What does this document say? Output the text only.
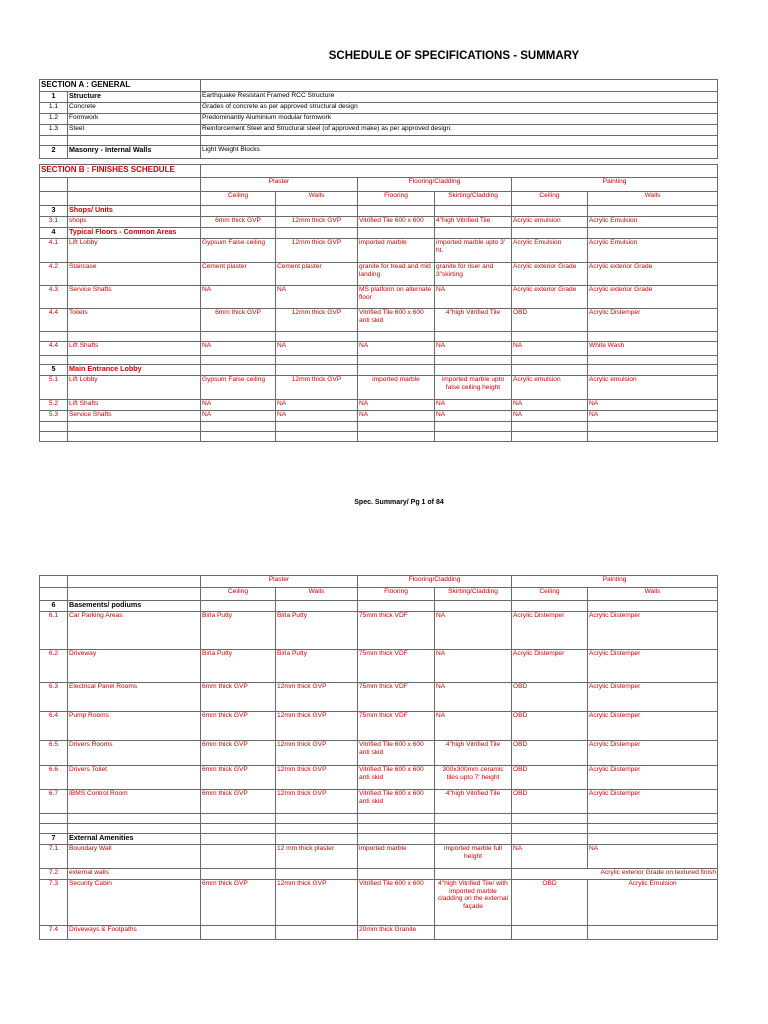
SCHEDULE OF SPECIFICATIONS - SUMMARY
SECTION A : GENERAL							
1	Structure	Earthquake Resistant Framed RCC Structure					
1.1	Concrete	Grades of concrete as per approved structural design					
1.2	Formwork	Predominantly Aluminium modular formwork					
1.3	Steel	Reinforcement Steel and Structural steel (of approved make) as per approved design.					

2	Masonry - Internal Walls	Light Weight Blocks					

SECTION B : FINISHES SCHEDULE							
		Plaster		Flooring/Cladding		Painting	
		Ceiling	Walls	Flooring	Skirting/Cladding	Ceiling	Walls
3	Shops/ Units						
3.1	shops	6mm thick GVP	12mm thick GVP	Vitrified Tile 600 x 600	4"high Vitrified Tile	Acrylic emulsion	Acrylic Emulsion
4	Typical Floors - Common Areas						
4.1	Lift Lobby	Gypsum False ceiling	12mm thick GVP	imported marble	imported marble upto 3' ht.	Acrylic Emulsion	Acrylic Emulsion
4.2	Staircase	Cement plaster	Cement plaster	granite for tread and mid landing	granite for riser and 3"skirting	Acrylic exterior Grade	Acrylic exterior Grade
4.3	Service Shafts	NA	NA	MS platform on alternate floor	NA	Acrylic exterior Grade	Acrylic exterior Grade
4.4	Toilets	6mm thick GVP	12mm thick GVP	Vitrified Tile 600 x 600 anti skid	4"high Vitrified Tile	OBD	Acrylic Distemper

4.4	Lift Shafts	NA	NA	NA	NA	NA	White Wash

5	Main Entrance Lobby						
5.1	Lift Lobby	Gypsum False ceiling	12mm thick GVP	imported marble	imported marble upto false ceiling height	Acrylic emulsion	Acrylic emulsion
5.2	Lift Shafts	NA	NA	NA	NA	NA	NA
5.3	Service Shafts	NA	NA	NA	NA	NA	NA

Spec. Summary/ Pg 1 of 84
		Plaster		Flooring/Cladding		Painting	
		Ceiling	Walls	Flooring	Skirting/Cladding	Ceiling	Walls
6	Basements/ podiums						
6.1	Car Parking Areas	Birla Putty	Birla Putty	75mm thick VDF	NA	Acrylic Distemper	Acrylic Distemper
6.2	Driveway	Birla Putty	Birla Putty	75mm thick VDF	NA	Acrylic Distemper	Acrylic Distemper
6.3	Electrical Panel Rooms	6mm thick GVP	12mm thick GVP	75mm thick VDF	NA	OBD	Acrylic Distemper
6.4	Pump Rooms	6mm thick GVP	12mm thick GVP	75mm thick VDF	NA	OBD	Acrylic Distemper
6.5	Drivers Rooms	6mm thick GVP	12mm thick GVP	Vitrified Tile 600 x 600 anti skid	4"high Vitrified Tile	OBD	Acrylic Distemper
6.6	Drivers Toilet	6mm thick GVP	12mm thick GVP	Vitrified Tile 600 x 600 anti skid	300x300mm ceramic tiles upto 7' height	OBD	Acrylic Distemper
6.7	IBMS Control Room	6mm thick GVP	12mm thick GVP	Vitrified Tile 600 x 600 anti skid	4"high Vitrified Tile	OBD	Acrylic Distemper

7	External Amenities						
7.1	Boundary Wall		12 mm thick plaster	imported marble	imported marble full height	NA	NA
7.2	external walls					Acrylic exterior Grade on textured finish	
7.3	Security Cabin	6mm thick GVP	12mm thick GVP	Vitrified Tile 600 x 600	4"high Vitrified Tile/ with imported marble cladding on the external façade	OBD	Acrylic Emulsion
7.4	Driveways & Footpaths			20mm thick Granite			
